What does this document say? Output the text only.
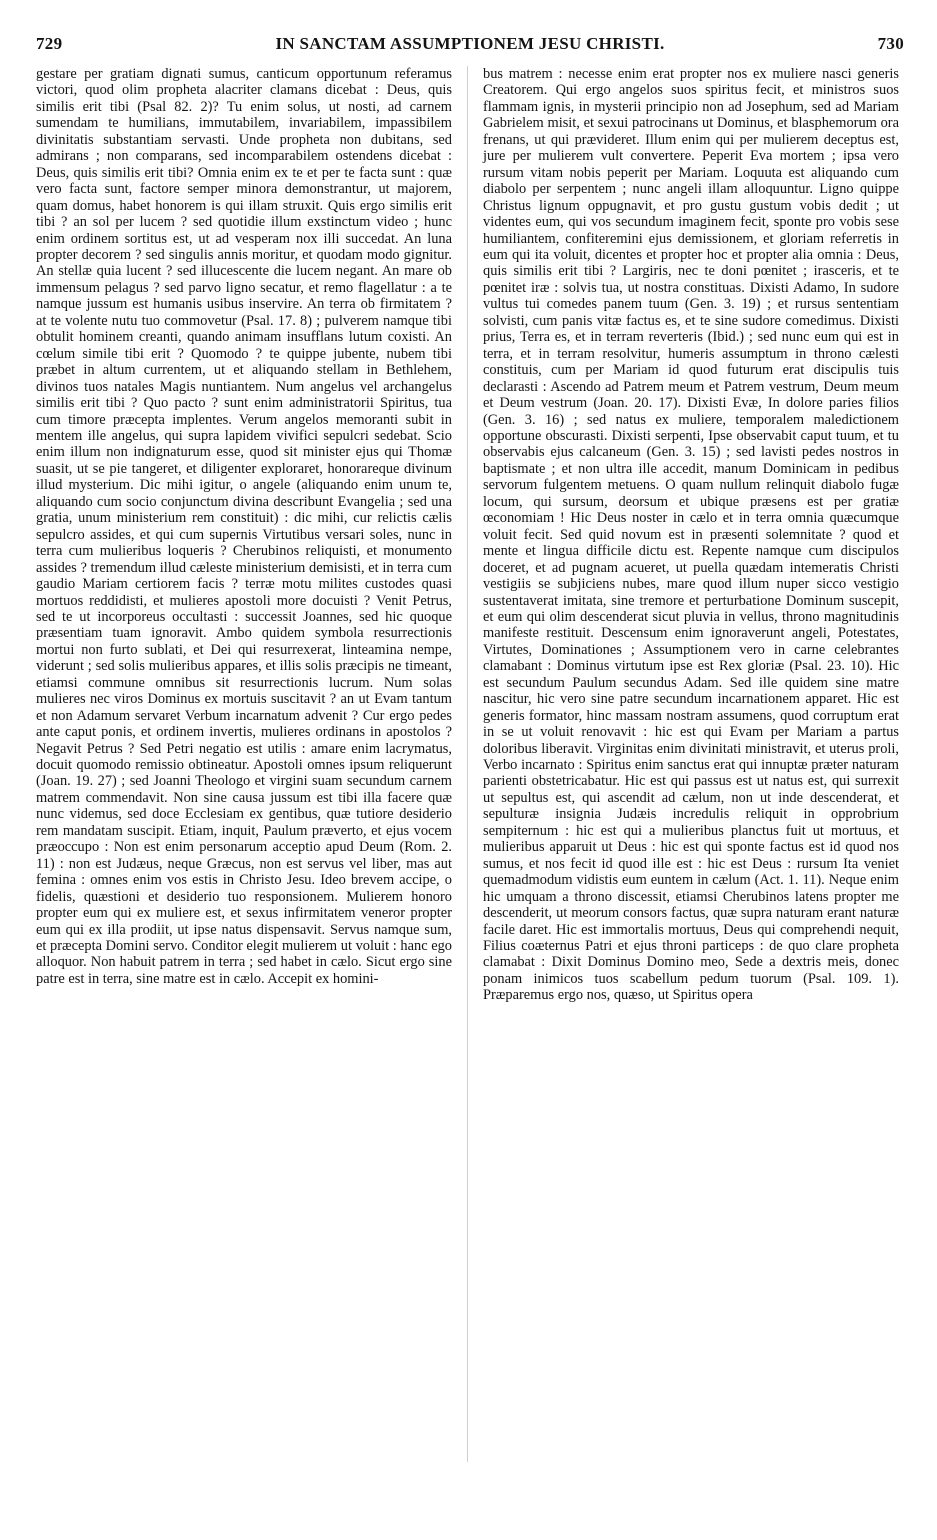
729	IN SANCTAM ASSUMPTIONEM JESU CHRISTI.	730

gestare per gratiam dignati sumus, canticum opportunum referamus victori, quod olim propheta alacriter clamans dicebat : Deus, quis similis erit tibi (Psal 82. 2)? Tu enim solus, ut nosti, ad carnem sumendam te humilians, immutabilem, invariabilem, impassibilem divinitatis substantiam servasti. Unde propheta non dubitans, sed admirans ; non comparans, sed incomparabilem ostendens dicebat : Deus, quis similis erit tibi? Omnia enim ex te et per te facta sunt : quæ vero facta sunt, factore semper minora demonstrantur, ut majorem, quam domus, habet honorem is qui illam struxit. Quis ergo similis erit tibi ? an sol per lucem ? sed quotidie illum exstinctum video ; hunc enim ordinem sortitus est, ut ad vesperam nox illi succedat. An luna propter decorem ? sed singulis annis moritur, et quodam modo gignitur. An stellæ quia lucent ? sed illucescente die lucem negant. An mare ob immensum pelagus ? sed parvo ligno secatur, et remo flagellatur : a te namque jussum est humanis usibus inservire. An terra ob firmitatem ? at te volente nutu tuo commovetur (Psal. 17. 8) ; pulverem namque tibi obtulit hominem creanti, quando animam insufflans lutum coxisti. An cœlum simile tibi erit ? Quomodo ? te quippe jubente, nubem tibi præbet in altum currentem, ut et aliquando stellam in Bethlehem, divinos tuos natales Magis nuntiantem. Num angelus vel archangelus similis erit tibi ? Quo pacto ? sunt enim administratorii Spiritus, tua cum timore præcepta implentes. Verum angelos memoranti subit in mentem ille angelus, qui supra lapidem vivifici sepulcri sedebat. Scio enim illum non indignaturum esse, quod sit minister ejus qui Thomæ suasit, ut se pie tangeret, et diligenter exploraret, honorareque divinum illud mysterium. Dic mihi igitur, o angele (aliquando enim unum te, aliquando cum socio conjunctum divina describunt Evangelia ; sed una gratia, unum ministerium rem constituit) : dic mihi, cur relictis cælis sepulcro assides, et qui cum supernis Virtutibus versari soles, nunc in terra cum mulieribus loqueris ? Cherubinos reliquisti, et monumento assides ? tremendum illud cæleste ministerium demisisti, et in terra cum gaudio Mariam certiorem facis ? terræ motu milites custodes quasi mortuos reddidisti, et mulieres apostoli more docuisti ? Venit Petrus, sed te ut incorporeus occultasti : successit Joannes, sed hic quoque præsentiam tuam ignoravit. Ambo quidem symbola resurrectionis mortui non furto sublati, et Dei qui resurrexerat, linteamina nempe, viderunt ; sed solis mulieribus appares, et illis solis præcipis ne timeant, etiamsi commune omnibus sit resurrectionis lucrum. Num solas mulieres nec viros Dominus ex mortuis suscitavit ? an ut Evam tantum et non Adamum servaret Verbum incarnatum advenit ? Cur ergo pedes ante caput ponis, et ordinem invertis, mulieres ordinans in apostolos ? Negavit Petrus ? Sed Petri negatio est utilis : amare enim lacrymatus, docuit quomodo remissio obtineatur. Apostoli omnes ipsum reliquerunt (Joan. 19. 27) ; sed Joanni Theologo et virgini suam secundum carnem matrem commendavit. Non sine causa jussum est tibi illa facere quæ nunc videmus, sed doce Ecclesiam ex gentibus, quæ tutiore desiderio rem mandatam suscipit. Etiam, inquit, Paulum præverto, et ejus vocem præoccupo : Non est enim personarum acceptio apud Deum (Rom. 2. 11) : non est Judæus, neque Græcus, non est servus vel liber, mas aut femina : omnes enim vos estis in Christo Jesu. Ideo brevem accipe, o fidelis, quæstioni et desiderio tuo responsionem. Mulierem honoro propter eum qui ex muliere est, et sexus infirmitatem veneror propter eum qui ex illa prodiit, ut ipse natus dispensavit. Servus namque sum, et præcepta Domini servo. Conditor elegit mulierem ut voluit : hanc ego alloquor. Non habuit patrem in terra ; sed habet in cælo. Sicut ergo sine patre est in terra, sine matre est in cælo. Accepit ex homini-

bus matrem : necesse enim erat propter nos ex muliere nasci generis Creatorem. Qui ergo angelos suos spiritus fecit, et ministros suos flammam ignis, in mysterii principio non ad Josephum, sed ad Mariam Gabrielem misit, et sexui patrocinans ut Dominus, et blasphemorum ora frenans, ut qui prævideret. Illum enim qui per mulierem deceptus est, jure per mulierem vult convertere. Peperit Eva mortem ; ipsa vero rursum vitam nobis peperit per Mariam. Loquuta est aliquando cum diabolo per serpentem ; nunc angeli illam alloquuntur. Ligno quippe Christus lignum oppugnavit, et pro gustu gustum vobis dedit ; ut videntes eum, qui vos secundum imaginem fecit, sponte pro vobis sese humiliantem, confiteremini ejus demissionem, et gloriam referretis in eum qui ita voluit, dicentes et propter hoc et propter alia omnia : Deus, quis similis erit tibi ? Largiris, nec te doni pœnitet ; irasceris, et te pœnitet iræ : solvis tua, ut nostra constituas. Dixisti Adamo, In sudore vultus tui comedes panem tuum (Gen. 3. 19) ; et rursus sententiam solvisti, cum panis vitæ factus es, et te sine sudore comedimus. Dixisti prius, Terra es, et in terram reverteris (Ibid.) ; sed nunc eum qui est in terra, et in terram resolvitur, humeris assumptum in throno cælesti constituis, cum per Mariam id quod futurum erat discipulis tuis declarasti : Ascendo ad Patrem meum et Patrem vestrum, Deum meum et Deum vestrum (Joan. 20. 17). Dixisti Evæ, In dolore paries filios (Gen. 3. 16) ; sed natus ex muliere, temporalem maledictionem opportune obscurasti. Dixisti serpenti, Ipse observabit caput tuum, et tu observabis ejus calcaneum (Gen. 3. 15) ; sed lavisti pedes nostros in baptismate ; et non ultra ille accedit, manum Dominicam in pedibus servorum fulgentem metuens. O quam nullum relinquit diabolo fugæ locum, qui sursum, deorsum et ubique præsens est per gratiæ œconomiam ! Hic Deus noster in cælo et in terra omnia quæcumque voluit fecit. Sed quid novum est in præsenti solemnitate ? quod et mente et lingua difficile dictu est. Repente namque cum discipulos doceret, et ad pugnam acueret, ut puella quædam intemeratis Christi vestigiis se subjiciens nubes, mare quod illum nuper sicco vestigio sustentaverat imitata, sine tremore et perturbatione Dominum suscepit, et eum qui olim descenderat sicut pluvia in vellus, throno magnitudinis manifeste restituit. Descensum enim ignoraverunt angeli, Potestates, Virtutes, Dominationes ; Assumptionem vero in carne celebrantes clamabant : Dominus virtutum ipse est Rex gloriæ (Psal. 23. 10). Hic est secundum Paulum secundus Adam. Sed ille quidem sine matre nascitur, hic vero sine patre secundum incarnationem apparet. Hic est generis formator, hinc massam nostram assumens, quod corruptum erat in se ut voluit renovavit : hic est qui Evam per Mariam a partus doloribus liberavit. Virginitas enim divinitati ministravit, et uterus proli, Verbo incarnato : Spiritus enim sanctus erat qui innuptæ præter naturam parienti obstetricabatur. Hic est qui passus est ut natus est, qui surrexit ut sepultus est, qui ascendit ad cælum, non ut inde descenderat, et sepulturæ insignia Judæis incredulis reliquit in opprobrium sempiternum : hic est qui a mulieribus planctus fuit ut mortuus, et mulieribus apparuit ut Deus : hic est qui sponte factus est id quod nos sumus, et nos fecit id quod ille est : hic est Deus : rursum Ita veniet quemadmodum vidistis eum euntem in cælum (Act. 1. 11). Neque enim hic umquam a throno discessit, etiamsi Cherubinos latens propter me descenderit, ut meorum consors factus, quæ supra naturam erant naturæ facile daret. Hic est immortalis mortuus, Deus qui comprehendi nequit, Filius coæternus Patri et ejus throni particeps : de quo clare propheta clamabat : Dixit Dominus Domino meo, Sede a dextris meis, donec ponam inimicos tuos scabellum pedum tuorum (Psal. 109. 1). Præparemus ergo nos, quæso, ut Spiritus opera
